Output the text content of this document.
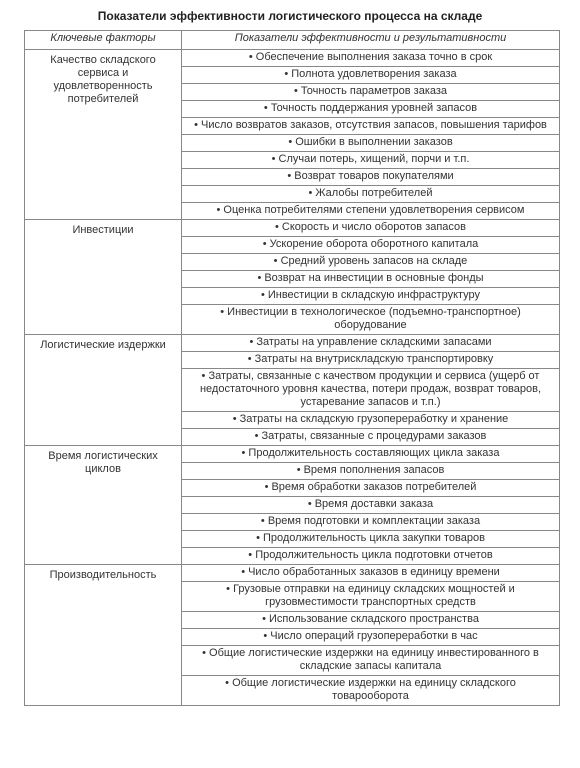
Показатели эффективности логистического процесса на складе
Ключевые факторы	Показатели эффективности и результативности
Качество складского сервиса и удовлетворенность потребителей	• Обеспечение выполнения заказа точно в срок
	• Полнота удовлетворения заказа
	• Точность параметров заказа
	• Точность поддержания уровней запасов
	• Число возвратов заказов, отсутствия запасов, повышения тарифов
	• Ошибки в выполнении заказов
	• Случаи потерь, хищений, порчи и т.п.
	• Возврат товаров покупателями
	• Жалобы потребителей
	• Оценка потребителями степени удовлетворения сервисом
Инвестиции	• Скорость и число оборотов запасов
	• Ускорение оборота оборотного капитала
	• Средний уровень запасов на складе
	• Возврат на инвестиции в основные фонды
	• Инвестиции в складскую инфраструктуру
	• Инвестиции в технологическое (подъемно-транспортное) оборудование
Логистические издержки	• Затраты на управление складскими запасами
	• Затраты на внутрискладскую транспортировку
	• Затраты, связанные с качеством продукции и сервиса (ущерб от недостаточного уровня качества, потери продаж, возврат товаров, устаревание запасов и т.п.)
	• Затраты на складскую грузопереработку и хранение
	• Затраты, связанные с процедурами заказов
Время логистических циклов	• Продолжительность составляющих цикла заказа
	• Время пополнения запасов
	• Время обработки заказов потребителей
	• Время доставки заказа
	• Время подготовки и комплектации заказа
	• Продолжительность цикла закупки товаров
	• Продолжительность цикла подготовки отчетов
Производительность	• Число обработанных заказов в единицу времени
	• Грузовые отправки на единицу складских мощностей и грузовместимости транспортных средств
	• Использование складского пространства
	• Число операций грузопереработки в час
	• Общие логистические издержки на единицу инвестированного в складские запасы капитала
	• Общие логистические издержки на единицу складского товарооборота
